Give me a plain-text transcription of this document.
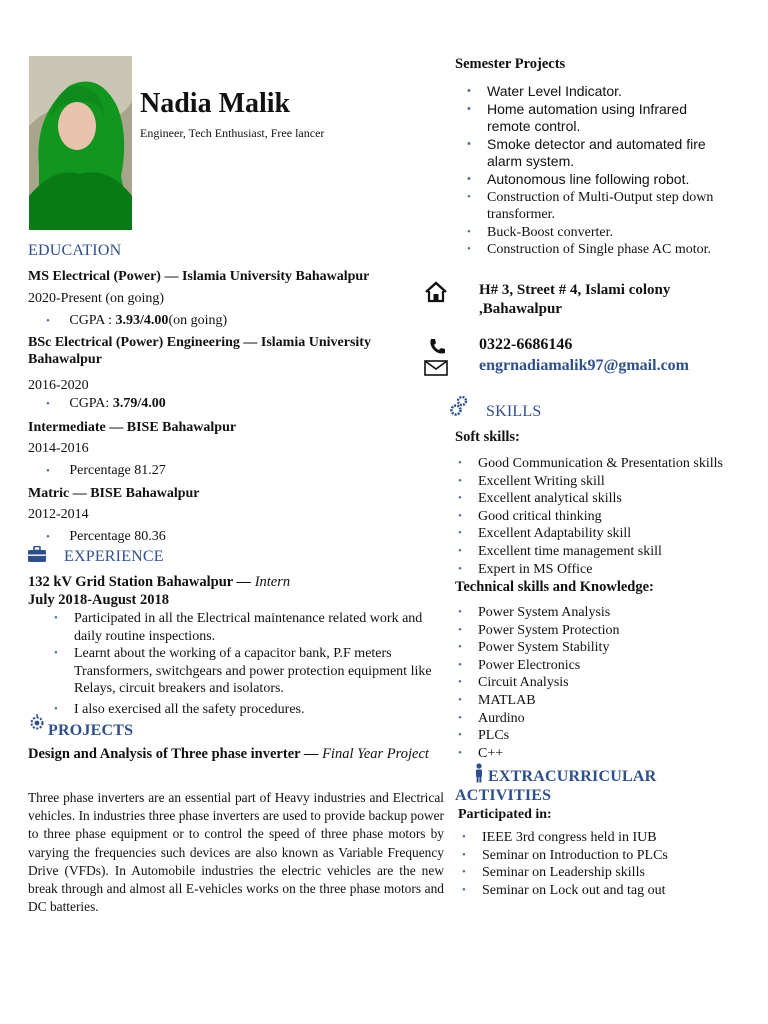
Nadia Malik
Engineer, Tech Enthusiast, Free lancer
EDUCATION
MS Electrical (Power) — Islamia University Bahawalpur
2020-Present (on going)
• CGPA : 3.93/4.00(on going)
BSc Electrical (Power) Engineering — Islamia University Bahawalpur
2016-2020
• CGPA: 3.79/4.00
Intermediate — BISE Bahawalpur
2014-2016
• Percentage 81.27
Matric — BISE Bahawalpur
2012-2014
• Percentage 80.36
EXPERIENCE
132 kV Grid Station Bahawalpur — Intern
July 2018-August 2018
• Participated in all the Electrical maintenance related work and daily routine inspections.
• Learnt about the working of a capacitor bank, P.F meters Transformers, switchgears and power protection equipment like Relays, circuit breakers and isolators.
• I also exercised all the safety procedures.
PROJECTS
Design and Analysis of Three phase inverter — Final Year Project
Three phase inverters are an essential part of Heavy industries and Electrical vehicles. In industries three phase inverters are used to provide backup power to three phase equipment or to control the speed of three phase motors by varying the frequencies such devices are also known as Variable Frequency Drive (VFDs). In Automobile industries the electric vehicles are the new break through and almost all E-vehicles works on the three phase motors and DC batteries.
Semester Projects
• Water Level Indicator.
• Home automation using Infrared remote control.
• Smoke detector and automated fire alarm system.
• Autonomous line following robot.
• Construction of Multi-Output step down transformer.
• Buck-Boost converter.
• Construction of Single phase AC motor.
H# 3, Street # 4, Islami colony ,Bahawalpur
0322-6686146
engrnadiamalik97@gmail.com
SKILLS
Soft skills:
• Good Communication & Presentation skills
• Excellent Writing skill
• Excellent analytical skills
• Good critical thinking
• Excellent Adaptability skill
• Excellent time management skill
• Expert in MS Office
Technical skills and Knowledge:
• Power System Analysis
• Power System Protection
• Power System Stability
• Power Electronics
• Circuit Analysis
• MATLAB
• Aurdino
• PLCs
• C++
EXTRACURRICULAR
ACTIVITIES
Participated in:
• IEEE 3rd congress held in IUB
• Seminar on Introduction to PLCs
• Seminar on Leadership skills
• Seminar on Lock out and tag out
